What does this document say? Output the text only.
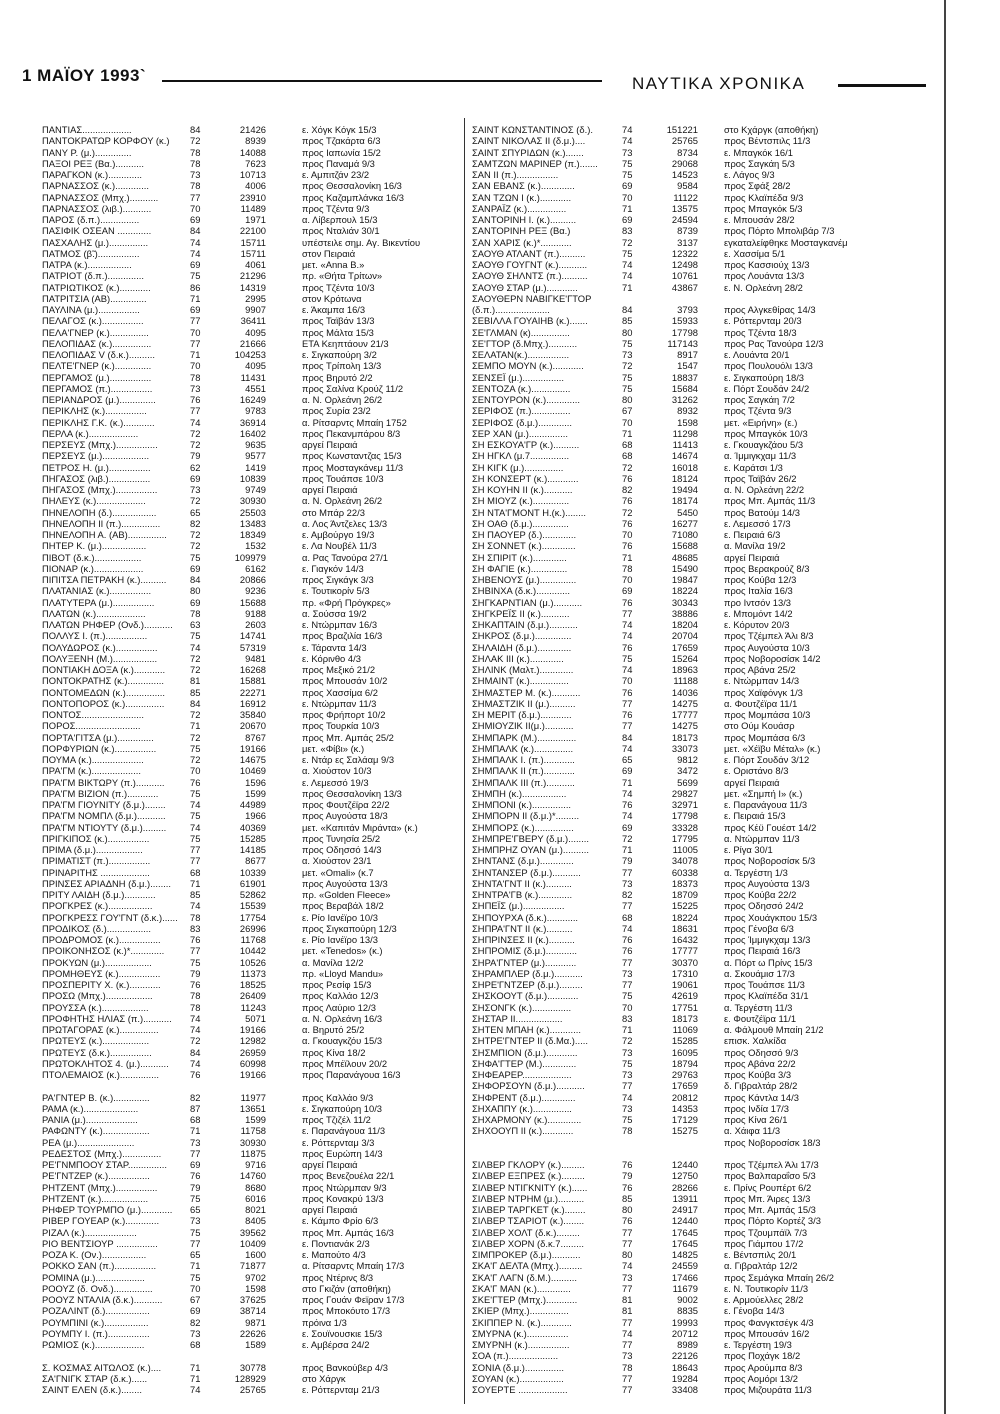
1 ΜΑΪΟΥ 1993`	ΝΑΥΤΙΚΑ ΧΡΟΝΙΚΑ
ΠΑΝΤΙΑΣ...................	84	21426	ε. Χόγκ Κόγκ 15/3
ΠΑΝΤΟΚΡΑΤΩΡ ΚΟΡΦΟΥ (κ.) 72	8939	προς Τζακάρτα 6/3
ΠΑΝΥ Ρ. (μ.)..............	78	14088	προς Ιαπωνία 15/2
ΠΑΞΟΙ ΡΕΞ (Βα.)...........	78	7623	προς Παναμά 9/3
ΠΑΡΑΓΚΟΝ (κ.).............	73	10713	ε. Αμπιτζάν 23/2
ΠΑΡΝΑΣΣΟΣ (κ.).............	78	4006	προς Θεσσαλονίκη 16/3
ΠΑΡΝΑΣΣΟΣ (Μπχ.)...........	77	23910	προς Καζαμπλάνκα 16/3
ΠΑΡΝΑΣΣΟΣ (λιβ.)...........	70	11489	προς Τζέντα 9/3
ΠΑΡΟΣ (δ.π.)...............	69	1971	α. Λίβερπουλ 15/3
ΠΑΣΙΦΙΚ ΟΣΕΑΝ .............	84	22100	προς Νταλιάν 30/1
ΠΑΣΧΑΛΗΣ (μ.)...............	74	15711	υπέστειλε σημ. Αγ. Βικεντίου
ΠΑΤΜΟΣ (β̃.)................	74	15711	στον Πειραιά
ΠΑΤΡΑ (κ.).................	69	4061	μετ. «Anna B.»
ΠΑΤΡΙΟΤ (δ.π.)..............	75	21296	πρ. «Θήτα Τρίτων»
ΠΑΤΡΙΩΤΙΚΟΣ (κ.)............	86	14319	προς Τζέντα 10/3
ΠΑΤΡΙΤΣΙΑ (ΑΒ)..............	71	2995	στον Κρότωνα
ΠΑΥΛΙΝΑ (μ.)................	69	9907	ε. Άκαμπα 16/3
ΠΕΛΑΓΟΣ (κ.)................	77	36411	προς Ταϊβάν 13/3
ΠΕΛΑ'ΓΝΕΡ (κ.)...............	70	4095	προς Μάλτα 15/3
ΠΕΛΟΠΙΔΑΣ (κ.)...............	77	21666	ΕΤΑ Κεηπτάουν 21/3
ΠΕΛΟΠΙΔΑΣ V (δ.κ.)..........	71	104253	ε. Σιγκαπούρη 3/2
ΠΕΛΤΕ'ΓΝΕΡ (κ.)..............	70	4095	προς Τρίπολη 13/3
ΠΕΡΓΑΜΟΣ (μ.)................	78	11431	προς Βηρυτό 2/2
ΠΕΡΓΑΜΟΣ (π.)................	73	4551	προς Σαλίνα Κρούζ 11/2
ΠΕΡΙΑΝΔΡΟΣ (μ.)..............	76	16249	α. Ν. Ορλεάνη 26/2
ΠΕΡΙΚΛΗΣ (κ.)................	77	9783	προς Συρία 23/2
ΠΕΡΙΚΛΗΣ Γ.Κ. (κ.)............	74	36914	α. Ρίτσαρντς Μπαίη 1752
ΠΕΡΛΑ (κ.)...................	72	16402	προς Πεκανμπάρου 8/3
ΠΕΡΣΕΥΣ (Μπχ.)................	72	9635	αργεί Πειραιά
ΠΕΡΣΕΥΣ (μ.)..................	79	9577	προς Κωνσταντζας 15/3
ΠΕΤΡΟΣ Η. (μ.)................	62	1419	προς Μοσταγκάνεμ 11/3
ΠΗΓΑΣΟΣ (λιβ.)................	69	10839	προς Τουάπσε 10/3
ΠΗΓΑΣΟΣ (Μπχ.)................	73	9749	αργεί Πειραιά
ΠΗΛΕΥΣ (κ.)...................	72	30930	α. Ν. Ορλεάνη 26/2
ΠΗΝΕΛΟΠΗ (δ.).................	65	25503	στο Μπάρ 22/3
ΠΗΝΕΛΟΠΗ ΙΙ (π.)...............	82	13483	α. Λος Άντζελες 13/3
ΠΗΝΕΛΟΠΗ Α. (ΑΒ)............... 72	18349	ε. Αμβούργο 19/3
ΠΗΤΕΡ Κ. (μ.).................	72	1532	ε. Λα Νουβέλ 11/3
ΠΙΒΟΤ (δ.κ.)..................	75	109979	α. Ρας Τανούρα 27/1
ΠΙΟΝΑΡ (κ.)...................	69	6162	ε. Γιαγκόν 14/3
ΠΙΠΙΤΣΑ ΠΕΤΡΑΚΗ (κ.)..........	84	20866	προς Σιγκάγκ 3/3
ΠΛΑΤΑΝΙΑΣ (κ.)................	80	9236	ε. Τουτικορίν 5/3
ΠΛΑΤΥΤΕΡΑ (μ.)................	69	15688	πρ. «Φρή Πρόγκρες»
ΠΛΑΤΩΝ (κ.)...................	78	9188	α. Σούσσα 19/2
ΠΛΑΤΩΝ ΡΗΦΕΡ (Ονδ.)........... 63	2603	ε. Ντώρμπαν 16/3
ΠΟΛΛΥΣ Ι. (π.)................	75	14741	προς Βραζιλία 16/3
ΠΟΛΥΔΩΡΟΣ (κ.)................	74	57319	ε. Τάραντα 14/3
ΠΟΛΥΞΕΝΗ (Μ.).................	72	9481	ε. Κόρινθο 4/3
ΠΟΝΤΙΑΚΗ ΔΟΞΑ (κ.)............	72	16268	προς Μεξικό 21/2
ΠΟΝΤΟΚΡΑΤΗΣ (κ.)..............	81	15881	προς Μπουσάν 10/2
ΠΟΝΤΟΜΕΔΩΝ (κ.)...............	85	22271	προς Χασσίμα 6/2
ΠΟΝΤΟΠΟΡΟΣ (κ.)...............	84	16912	ε. Ντώρμπαν 11/3
ΠΟΝΤΟΣ........................	72	35840	προς Φρήπορτ 10/2
ΠΟΡΟΣ.........................	71	20670	προς Τουρκία 10/3
ΠΟΡΤΑ'ΓΙΤΣΑ (μ.)..............	72	8767	προς Μπ. Αμπάς 25/2
ΠΟΡΦΥΡΙΩΝ (κ.)................	75	19166	μετ. «Φίβι» (κ.)
ΠΟΥΜΑ (κ.)....................	72	14675	ε. Ντάρ ες Σαλάαμ 9/3
ΠΡΑ'ΓΜ (κ.)...................	70	10469	α. Χιούστον 10/3
ΠΡΑ'ΓΜ ΒΙΚΤΩΡΥ (π.)...........	76	1596	ε. Λεμεσσό 19/3
ΠΡΑ'ΓΜ ΒΙΖΙΟΝ (π.)............	75	1599	προς Θεσσαλονίκη 13/3
ΠΡΑ'ΓΜ ΓΙΟΥΝΙΤΥ (δ.μ.)........	74	44989	προς Φουτζέϊρα 22/2
ΠΡΑ'ΓΜ ΝΟΜΠΛ (δ.μ.)...........	75	1966	προς Αυγούστα 18/3
ΠΡΑ'ΓΜ ΝΤΙΟΥΤΥ (δ.μ.).........	74	40369	μετ. «Καπιτάν Μιράντα» (κ.)
ΠΡΙΓΚΙΠΟΣ (κ.)................	75	15285	προς Τυνησία 25/2
ΠΡΙΜΑ (δ.μ.)..................	77	14185	προς Οδησσό 14/3
ΠΡΙΜΑΤΙΣΤ (π.)................	77	8677	α. Χιούστον 23/1
ΠΡΙΝΑΡΙΤΗΣ ...................	68	10339	μετ. «Omali» (κ.7
ΠΡΙΝΣΕΣ ΑΡΙΑΔΝΗ (δ.μ.)........ 71	61901	προς Αυγούστα 13/3
ΠΡΙΤΥ ΛΑΙΔΗ (δ.μ.)............	85	52862	πρ. «Golden Fleece»
ΠΡΟΓΚΡΕΣ (κ.).................	74	15539	προς Βεραβάλ 18/2
ΠΡΟΓΚΡΕΣΣ ΓΟΥ'ΓΝΤ (δ.κ.)...... 78	17754	ε. Ρίο Ιανέϊρο 10/3
ΠΡΟΔΙΚΟΣ (δ.).................	83	26996	προς Σιγκαπούρη 12/3
ΠΡΟΔΡΟΜΟΣ (κ.)................	76	11768	ε. Ρίο Ιανέϊρο 13/3
ΠΡΟΙΚΟΝΗΣΟΣ (κ.)*.............	77	10442	μετ. «Tenedos» (κ.)
ΠΡΟΚΥΩΝ (μ.)..................	75	10526	α. Μανίλα 12/2
ΠΡΟΜΗΘΕΥΣ (κ.)................	79	11373	πρ. «Lloyd Mandu»
ΠΡΟΣΠΕΡΙΤΥ Χ. (κ.)............	76	18525	προς Ρεσίφ 15/3
ΠΡΟΣΩ (Μπχ.)..................	78	26409	προς Καλλάο 12/3
ΠΡΟΥΣΣΑ (κ.)..................	78	11243	προς Λαύριο 12/3
ΠΡΟΦΗΤΗΣ ΗΛΙΑΣ (π.)........... 74	5071	α. Ν. Ορλεάνη 16/3
ΠΡΩΤΑΓΟΡΑΣ (κ.)...............	74	19166	α. Βηρυτό 25/2
ΠΡΩΤΕΥΣ (κ.)..................	72	12982	α. Γκουαγκζόυ 15/3
ΠΡΩΤΕΥΣ (δ.κ.)................	84	26959	προς Κίνα 18/2
ΠΡΩΤΟΚΛΗΤΟΣ 4. (μ.)........... 74	60998	προς Μπέϊλουν 20/2
ΠΤΟΛΕΜΑΙΟΣ (κ.)...............	76	19166	προς Παρανάγουα 16/3
ΡΑ'ΓΝΤΕΡ Β. (κ.)..............	82	11977	προς Καλλάο 9/3
ΡΑΜΑ (κ.).....................	87	13651	ε. Σιγκαπούρη 10/3
ΡΑΝΙΑ (μ.)....................	68	1599	προς Τζιζέλ 11/2
ΡΑΦΩΝΤΥ (κ.)..................	71	11758	ε. Παρανάγουα 11/3
ΡΕΑ (μ.)......................	73	30930	ε. Ρόττερνταμ 3/3
ΡΕΔΕΣΤΟΣ (Μπχ.)...............	77	11875	προς Ευρώπη 14/3
ΡΕ'ΓΝΜΠΟΟΥ ΣΤΑΡ............... 69	9716	αργεί Πειραιά
ΡΕ'ΓΝΤΖΕΡ (κ.)................	76	14760	προς Βενεζουέλα 22/1
ΡΗΤΖΕΝΤ (Μπχ.)................	79	8680	προς Ντώρμπαν 9/3
ΡΗΤΖΕΝΤ (κ.)..................	75	6016	προς Κονακρύ 13/3
ΡΗΦΕΡ ΤΟΥΡΜΠΟ (μ.)............ 65	8021	αργεί Πειραιά
ΡΙΒΕΡ ΓΟΥΕΑΡ (κ.).............	73	8405	ε. Κάμπο Φρίο 6/3
ΡΙΖΑΛ (κ.)....................	75	39562	προς Μπ. Αμπάς 16/3
ΡΙΟ ΒΕΝΤΣΙΟΥΡ ................	77	10409	ε. Ποντιανάκ 2/3
ΡΟΖΑ Κ. (Ον.).................	65	1600	ε. Μαπούτο 4/3
ΡΟΚΚΟ ΣΑΝ (π.)................	71	71877	α. Ρίτσαρντς Μπαίη 17/3
ΡΟΜΙΝΑ (μ.)...................	75	9702	προς Ντέρινς 8/3
ΡΟΟΥΖ (δ. Ονδ.)...............	70	1598	στο Γκιζάν (αποθήκη)
ΡΟΟΥΖ ΝΤΑΛΙΑ (δ.κ.)...........	67	37625	προς Γουάν Φεϊραν 17/3
ΡΟΖΑΛΙΝΤ (δ.).................	69	38714	προς Μποκόυτο 17/3
ΡΟΥΜΠΙΝΙ (κ.).................	82	9871	πρόινα 1/3
ΡΟΥΜΠΥ Ι. (π.)................	73	22626	ε. Σουϊνουσκιε 15/3
ΡΩΜΙΟΣ (κ.)...................	68	1589	ε. Αμβέρσα 24/2
Σ. ΚΟΣΜΑΣ ΑΙΤΩΛΟΣ (κ.)....	71	30778	προς Βανκούβερ 4/3
ΣΑ'ΓΝΙΓΚ ΣΤΑΡ (δ.κ.)......	71	128929	στο Χάργκ
ΣΑΙΝΤ ΕΛΕΝ (δ.κ.)........	74	25765	ε. Ρόττερνταμ 21/3
ΣΑΙΝΤ ΚΩΝΣΤΑΝΤΙΝΟΣ (δ.).	74	151221	στο Κχάργκ (αποθήκη)
ΣΑΙΝΤ ΝΙΚΟΛΑΣ ΙΙ (δ.μ.)....	74	25765	προς Βέντσπιλς 11/3
ΣΑΙΝΤ ΣΠΥΡΙΔΩΝ (κ.).......	73	8734	ε. Μπαγκόκ 16/1
ΣΑΜΤΖΩΝ ΜΑΡΙΝΕΡ (π.).......	75	29068	προς Σαγκάη 5/3
ΣΑΝ ΙΙ (π.)................	75	14523	ε. Λάγος 9/3
ΣΑΝ ΕΒΑΝΣ (κ.).............	69	9584	προς Σφάξ 28/2
ΣΑΝ ΤΖΩΝ Ι (κ.)............	70	11122	προς Κλαϊπέδα 9/3
ΣΑΝΡΑΪΖ (κ.)...............	71	13575	προς Μπαγκόκ 5/3
ΣΑΝΤΟΡΙΝΗ Ι. (κ.)..........	69	24594	ε. Μπουσάν 28/2
ΣΑΝΤΟΡΙΝΗ ΡΕΞ (Βα.)	83	8739	προς Πόρτο Μπολιβάρ 7/3
ΣΑΝ ΧΑΡΙΣ (κ.)*............	72	3137	εγκαταλείφθηκε Μοσταγκανέμ
ΣΑΟΥΘ ΑΤΛΑΝΤ (π.)..........	75	12322	ε. Χασσίμα 5/1
ΣΑΟΥΘ ΓΟΥΓΝΤ (κ.)...........	74	12498	προς Κασσιούχ 13/3
ΣΑΟΥΘ ΣΗΛΝΤΣ (π.)..........	74	10761	προς Λουάντα 13/3
ΣΑΟΥΘ ΣΤΑΡ (μ.)............	71	43867	ε. Ν. Ορλεάνη 28/2
ΣΑΟΥΘΕΡΝ ΝΑΒΙΓΚΕ'ΓΤΟΡ
(δ.π.).....................	84	3793	προς Αλγκεθίρας 14/3
ΣΕΒΙΛΛΑ ΓΟΥΑΙΗΒ (κ.).......	85	15933	ε. Ρόττερνταμ 20/3
ΣΕ'ΓΛΜΑΝ (κ)...............	80	17798	προς Τζέντα 18/3
ΣΕ'ΓΤΟΡ (δ.Μπχ.)...........	75	117143	προς Ρας Τανούρα 12/3
ΣΕΛΑΤΑΝ(κ.)................	73	8917	ε. Λουάντα 20/1
ΣΕΜΠΟ ΜΟΥΝ (κ.)............	72	1547	προς Πουλουόλι 13/3
ΣΕΝΣΕΪ (μ.)................	75	18837	ε. Σιγκαπούρη 18/3
ΣΕΝΤΟΖΑ (κ.)...............	75	15684	ε. Πόρτ Σουδάν 24/2
ΣΕΝΤΟΥΡΟΝ (κ.).............	80	31262	προς Σαγκάη 7/2
ΣΕΡΙΦΟΣ (π.)...............	67	8932	προς Τζέντα 9/3
ΣΕΡΙΦΟΣ (δ.μ.).............	70	1598	μετ. «Ειρήνη» (ε.)
ΣΕΡ ΧΑΝ (μ.)...............	71	11298	προς Μπαγκόκ 10/3
ΣΗ ΕΣΚΟΥΑ'ΓΡ (κ.)..........	68	11413	ε. Γκουαγκζάου 5/3
ΣΗ ΗΓΚΛ (μ.7...............	68	14674	α. Ίμμιγκχαμ 11/3
ΣΗ ΚΙΓΚ (μ.)...............	72	16018	ε. Καράτσι 1/3
ΣΗ ΚΟΝΣΕΡΤ (κ.)............	76	18124	προς Ταϊβάν 26/2
ΣΗ ΚΟΥΗΝ ΙΙ (κ.)...........	82	19494	α. Ν. Ορλεάνη 22/2
ΣΗ ΜΙΟΥΖ (κ.)..............	76	18174	προς Μπ. Αμπάς 11/3
ΣΗ ΝΤΑ'ΓΜΟΝΤ Η.(κ.)........	72	5450	προς Βατούμ 14/3
ΣΗ ΟΑΘ (δ.μ.)..............	76	16277	ε. Λεμεσσό 17/3
ΣΗ ΠΑΟΥΕΡ (δ.).............	70	71080	ε. Πειραιά 6/3
ΣΗ ΣΟΝΝΕΤ (κ.).............	76	15688	α. Μανίλα 19/2
ΣΗ ΣΠΙΡΙΤ (κ.).............	71	48685	αργεί Πειραιά
ΣΗ ΦΑΓΙΕ (κ.)..............	78	15490	προς Βερακρούζ 8/3
ΣΗΒΕΝΟΥΣ (μ.)..............	70	19847	προς Κούβα 12/3
ΣΗΒΙΝΧΑ (δ.κ.).............	69	18224	προς Ιταλία 16/3
ΣΗΓΚΑΡΝΤΙΑΝ (μ.)...........	76	30343	προ Ιντσόν 13/3
ΣΗΓΚΡΕΪΣ ΙΙ (κ.)...........	77	38886	ε. Μπομόντ 14/2
ΣΗΚΑΠΤΑΙΝ (δ.μ.)...........	74	18204	ε. Κόρυτον 20/3
ΣΗΚΡΟΣ (δ.μ.)..............	74	20704	προς Τζέμπελ Άλι 8/3
ΣΗΛΑΙΔΗ (δ.μ.).............	76	17659	προς Αυγούστα 10/3
ΣΗΛΑΚ ΙΙΙ (κ.).............	75	15264	προς Νοβοροσίσκ 14/2
ΣΗΛΙΝΚ (Μαλτ.).............	74	18963	προς Αβάνα 25/2
ΣΗΜΑΙΝΤ (κ.)...............	70	11188	ε. Ντώρμπαν 14/3
ΣΗΜΑΣΤΕΡ Μ. (κ.)...........	76	14036	προς Χαϊφόνγκ 1/3
ΣΗΜΑΣΤΖΙΚ ΙΙ (μ.)..........	77	14275	α. Φουτζέϊρα 11/1
ΣΗ ΜΕΡΙΤ (δ.μ.)............	76	17777	προς Μομπάσα 10/3
ΣΗΜΙΟΥΖΙΚ ΙΙ(μ.)...........	77	14275	στο Ούμ Κουάσρ
ΣΗΜΠΑΡΚ (Μ.)...............	84	18173	προς Μομπάσα 6/3
ΣΗΜΠΑΛΚ (κ.)...............	74	33073	μετ. «Χέϊβυ Μέταλ» (κ.)
ΣΗΜΠΑΛΚ Ι. (π.)............	65	9812	ε. Πόρτ Σουδάν 3/12
ΣΗΜΠΑΛΚ ΙΙ (π.)............	69	3472	ε. Οριστάνο 8/3
ΣΗΜΠΑΛΚ ΙΙΙ (π.)...........	71	5699	αργεί Πειραιά
ΣΗΜΠΗ (κ.).................	74	29827	μετ. «Σημπή Ι» (κ.)
ΣΗΜΠΟΝΙ (κ.)...............	76	32971	ε. Παρανάγουα 11/3
ΣΗΜΠΟΡΝ ΙΙ (δ.μ.)*.........	74	17798	ε. Πειραιά 15/3
ΣΗΜΠΟΡΣ (κ.)...............	69	33328	προς Κέϋ Γουέστ 14/2
ΣΗΜΠΡΕ'ΓΒΕΡΥ (δ.μ.)........	72	17795	α. Ντώρμπαν 11/3
ΣΗΜΠΡΗΖ ΟΥΑΝ (μ.)..........	71	11005	ε. Ρίγα 30/1
ΣΗΝΤΑΝΣ (δ.μ.).............	79	34078	προς Νοβοροσίσκ 5/3
ΣΗΝΤΑΝΣΕΡ (δ.μ.)...........	77	60338	α. Τεργέστη 1/3
ΣΗΝΤΑ'ΓΝΤ ΙΙ (κ.)..........	73	18373	προς Αυγούστα 13/3
ΣΗΝΤΡΑ'ΓΒ (κ.).............	82	18709	προς Κούβα 22/2
ΣΗΠΕΪΣ (μ.)................	77	15225	προς Οδησσό 24/2
ΣΗΠΟΥΡΧΑ (δ.κ.)............	68	18224	προς Χουάγκπου 15/3
ΣΗΠΡΑ'ΓΝΤ ΙΙ (κ.)..........	74	18631	προς Γένοβα 6/3
ΣΗΠΡΙΝΣΕΣ ΙΙ (κ.)..........	76	16432	προς Ίμμιγκχαμ 13/3
ΣΗΠΡΟΜΙΣ (δ.μ.)............	76	17777	προς Πειραιά 16/3
ΣΗΡΑ'ΓΝΤΕΡ (μ.)............	77	30370	α. Πόρτ ω Πρίνς 15/3
ΣΗΡΑΜΠΛΕΡ (δ.μ.)...........	73	17310	α. Σκουάμισ 17/3
ΣΗΡΕ'ΓΝΤΖΕΡ (δ.μ.).........	77	19061	προς Τουάπσε 11/3
ΣΗΣΚΟΟΥΤ (δ.μ.)............	75	42619	προς Κλαϊπέδα 31/1
ΣΗΣΟΝΓΚ (κ.)...............	70	17751	α. Τεργέστη 11/3
ΣΗΣΤΑΡ ΙΙ..................	83	18173	ε. Φουτζέϊρα 11/1
ΣΗΤΕΝ ΜΠΑΗ (κ.)............	71	11069	α. Φάλμουθ Μπαίη 21/2
ΣΗΤΡΕ'ΓΝΤΕΡ ΙΙ (δ.Μα.).....	72	15285	επισκ. Χαλκίδα
ΣΗΣΜΠΙΟΝ (δ.μ.)............	73	16095	προς Οδησσό 9/3
ΣΗΦΑ'ΓΤΕΡ (Μ.).............	75	18794	προς Αβάνα 22/2
ΣΗΦΕΑΡΕΡ...................	73	29763	προς Κούβα 3/3
ΣΗΦΟΡΣΟΥΝ (δ.μ.)...........	77	17659	δ. Γιβραλτάρ 28/2
ΣΗΦΡΕΝΤ (δ.μ.).............	74	20812	προς Κάντλα 14/3
ΣΗΧΑΠΠΥ (κ.)...............	73	14353	προς Ινδία 17/3
ΣΗΧΑΡΜΟΝΥ (κ.).............	75	17129	προς Κίνα 26/1
ΣΗΧΟΟΥΠ ΙΙ (κ.)............	78	15275	α. Χάιφα 11/3
προς Νοβοροσίσκ 18/3
ΣΙΛΒΕΡ ΓΚΛΟΡΥ (κ.).........	76	12440	προς Τζέμπελ Άλι 17/3
ΣΙΛΒΕΡ ΕΞΠΡΕΣ (κ.).........	79	12750	προς Βαλπαραΐσο 5/3
ΣΙΛΒΕΡ ΝΤΙΓΚΝΙΤΥ (κ.)......	76	28266	ε. Πρίνς Ρουπέρτ 6/2
ΣΙΛΒΕΡ ΝΤΡΗΜ (μ.)..........	85	13911	προς Μπ. Άιρες 13/3
ΣΙΛΒΕΡ ΤΑΡΓΚΕΤ (κ.)........	80	24917	προς Μπ. Αμπάς 15/3
ΣΙΛΒΕΡ ΤΣΑΡΙΟΤ (κ.)........	76	12440	προς Πόρτο Κορτέζ 3/3
ΣΙΛΒΕΡ ΧΟΛΤ (δ.κ.).........	77	17645	προς Τζουμπάϊλ 7/3
ΣΙΛΒΕΡ ΧΟΡΝ (δ.κ.7.........	77	17645	προς Γιάμπου 17/2
ΣΙΜΠΡΟΚΕΡ (δ.μ.)...........	80	14825	ε. Βέντσπιλς 20/1
ΣΚΑ'Γ ΔΕΛΤΑ (Μπχ.).........	74	24559	α. Γιβραλτάρ 12/2
ΣΚΑ'Γ ΛΑΓΝ (δ.Μ.)..........	73	17466	προς Σεμάγκα Μπαίη 26/2
ΣΚΑ'Γ ΜΑΝ (κ.).............	77	11679	ε. Ν. Τουτικορίν 11/3
ΣΚΕ'ΓΤΕΡ (Μπχ.)............	81	9002	ε. Αρμούελλες 28/2
ΣΚΙΕΡ (Μπχ.)...............	81	8835	ε. Γένοβα 14/3
ΣΚΙΠΠΕΡ Ν. (κ.)............	77	19993	προς Φανγκτσέγκ 4/3
ΣΜΥΡΝΑ (κ.)................	74	20712	προς Μπουσάν 16/2
ΣΜΥΡΝΗ (κ.)................	77	8989	ε. Τεργέστη 19/3
ΣΟΑ (π.)...................	73	22126	προς Ποχάγκ 18/2
ΣΟΝΙΑ (δ.μ.)...............	78	18643	προς Αρούμπα 8/3
ΣΟΥΑΝ (κ.).................	77	19284	προς Αομόρι 13/2
ΣΟΥΕΡΤΕ ...................	77	33408	προς Μιζουράτα 11/3
